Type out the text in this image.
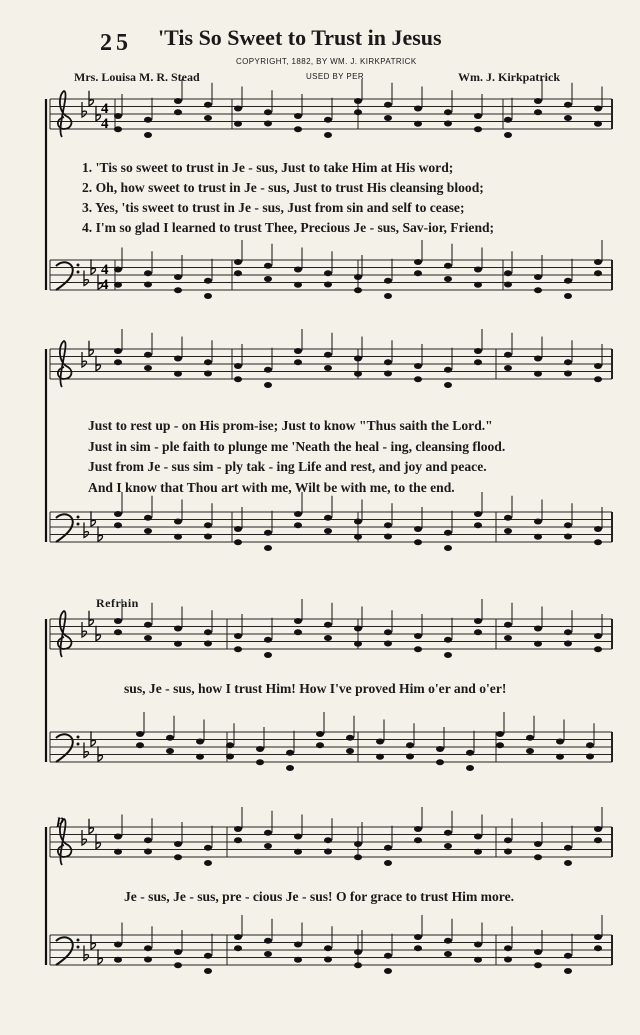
25 'Tis So Sweet to Trust in Jesus
COPYRIGHT, 1882, BY WM. J. KIRKPATRICK
Mrs. Louisa M. R. Stead	USED BY PER	Wm. J. Kirkpatrick
4
4
4
4
p
1. 'Tis so sweet to trust in Je - sus, Just to take Him at His word;
2. Oh, how sweet to trust in Je - sus, Just to trust His cleansing blood;
3. Yes, 'tis sweet to trust in Je - sus, Just from sin and self to cease;
4. I'm so glad I learned to trust Thee, Precious Je - sus, Sav-ior, Friend;
Just to rest up - on His prom-ise; Just to know "Thus saith the Lord."
Just in sim - ple faith to plunge me 'Neath the heal - ing, cleansing flood.
Just from Je - sus sim - ply tak - ing Life and rest, and joy and peace.
And I know that Thou art with me, Wilt be with me, to the end.
Refrain
sus, Je - sus, how I trust Him! How I've proved Him o'er and o'er!
Je - sus, Je - sus, pre - cious Je - sus! O for grace to trust Him more.
